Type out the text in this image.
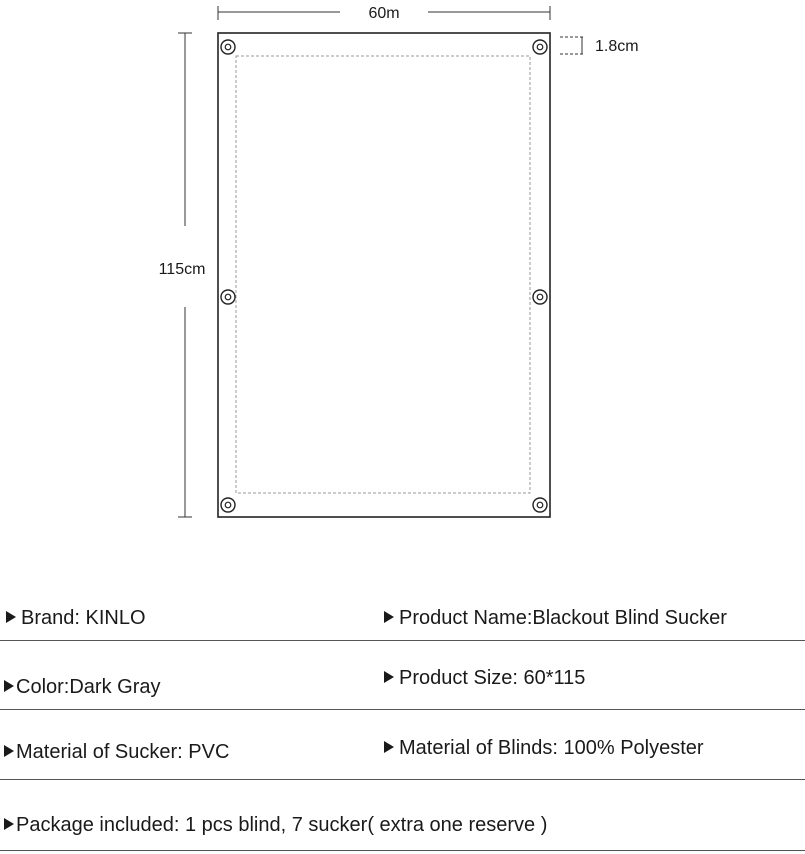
60m
115cm
1.8cm
Brand: KINLO	Product Name:Blackout Blind Sucker
Color:Dark Gray	Product Size: 60*115
Material of Sucker: PVC	Material of Blinds: 100% Polyester
Package included: 1 pcs blind, 7 sucker( extra one reserve )
